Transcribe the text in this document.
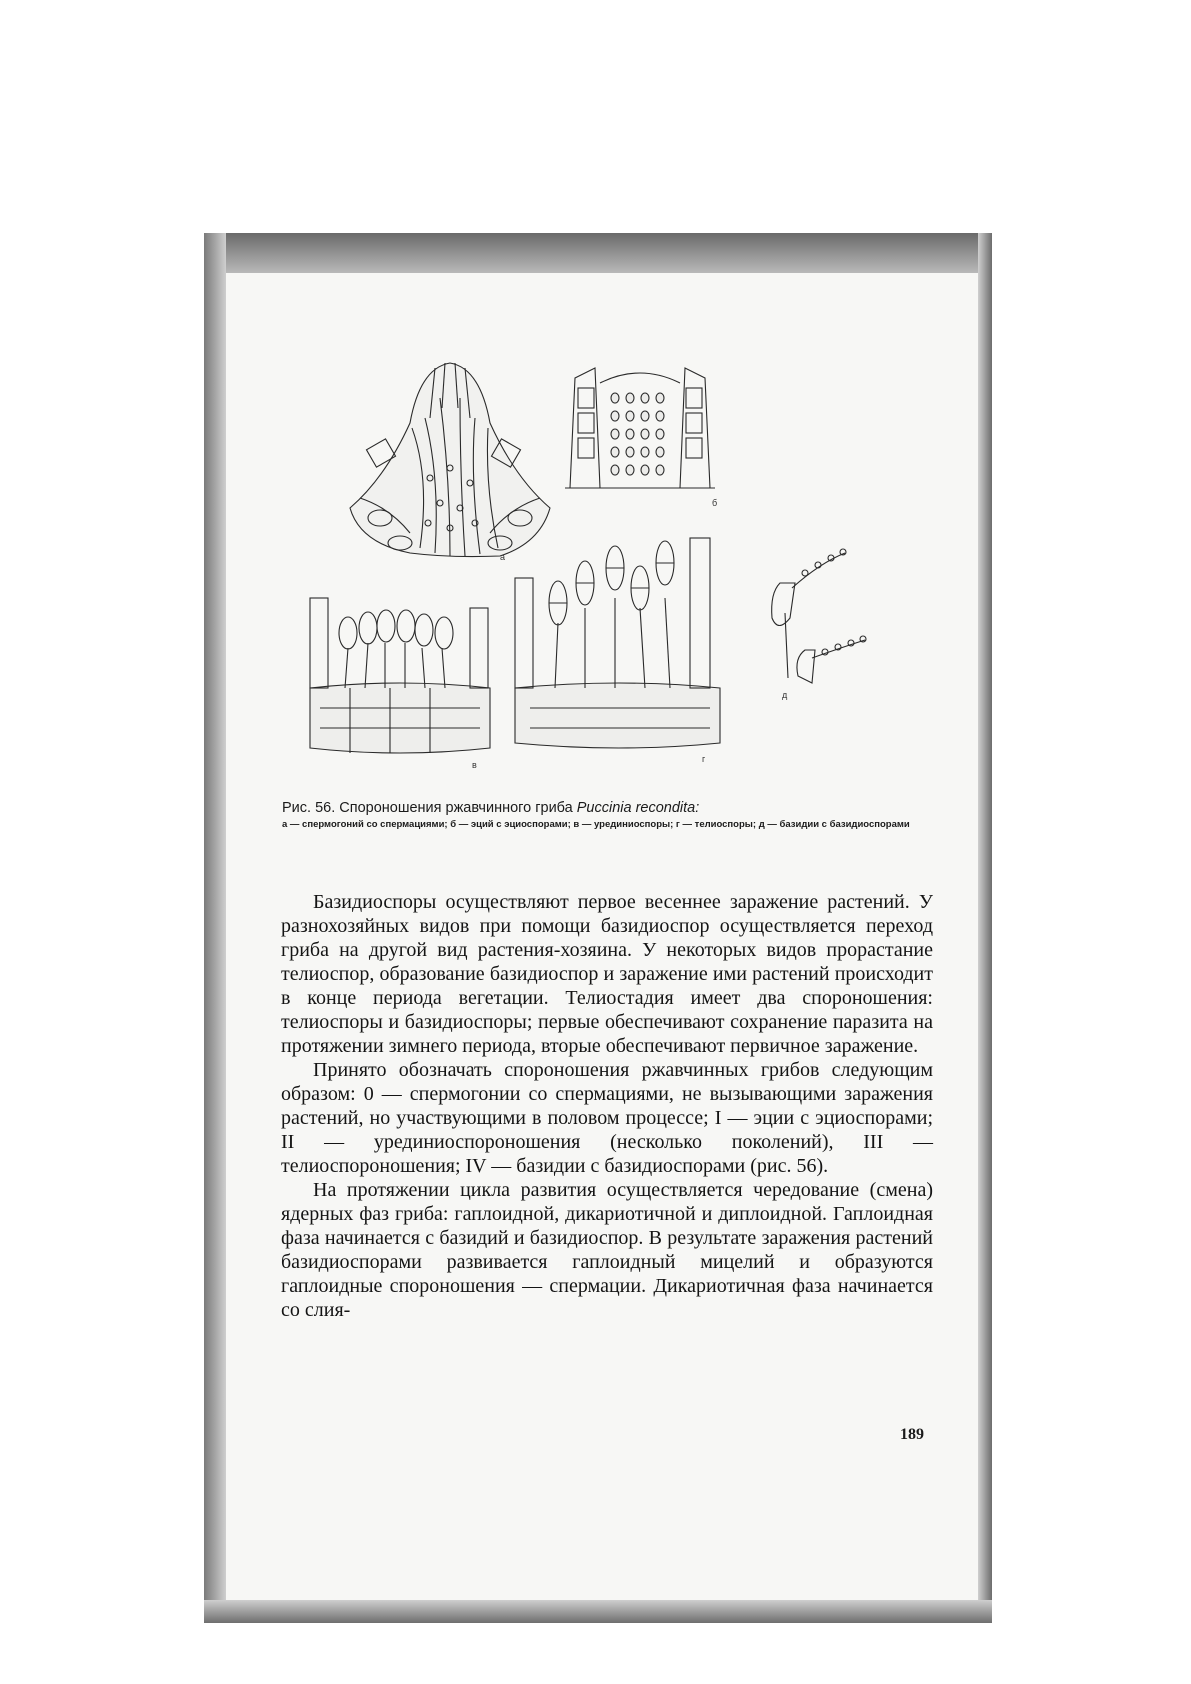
а
б
в
г
д
Рис. 56. Спороношения ржавчинного гриба Puccinia recondita:
а — спермогоний со спермациями; б — эций с эциоспорами; в — урединиоспоры; г — телиоспоры; д — базидии с базидиоспорами

Базидиоспоры осуществляют первое весеннее заражение растений. У разнохозяйных видов при помощи базидиоспор осуществляется переход гриба на другой вид растения-хозяина. У некоторых видов прорастание телиоспор, образование базидиоспор и заражение ими растений происходит в конце периода вегетации. Телиостадия имеет два спороношения: телиоспоры и базидиоспоры; первые обеспечивают сохранение паразита на протяжении зимнего периода, вторые обеспечивают первичное заражение.

Принято обозначать спороношения ржавчинных грибов следующим образом: 0 — спермогонии со спермациями, не вызывающими заражения растений, но участвующими в половом процессе; I — эции с эциоспорами; II — урединиоспороношения (несколько поколений), III — телиоспороношения; IV — базидии с базидиоспорами (рис. 56).

На протяжении цикла развития осуществляется чередование (смена) ядерных фаз гриба: гаплоидной, дикариотичной и диплоидной. Гаплоидная фаза начинается с базидий и базидиоспор. В результате заражения растений базидиоспорами развивается гаплоидный мицелий и образуются гаплоидные спороношения — спермации. Дикариотичная фаза начинается со слия-

189
